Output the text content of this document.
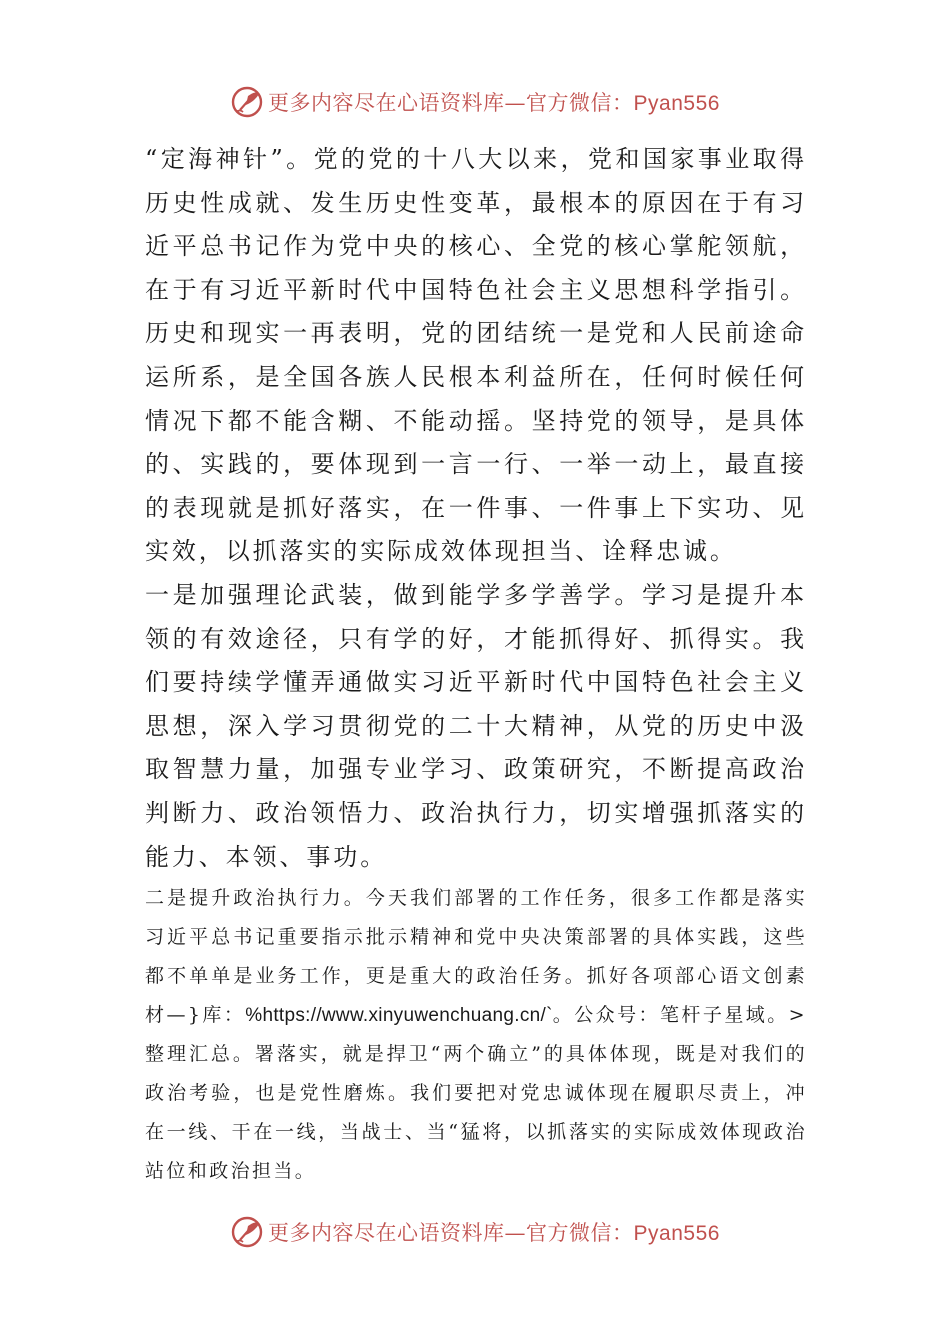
更多内容尽在心语资料库—官方微信：Pyan556

“定海神针”。党的党的十八大以来，党和国家事业取得历史性成就、发生历史性变革，最根本的原因在于有习近平总书记作为党中央的核心、全党的核心掌舵领航，在于有习近平新时代中国特色社会主义思想科学指引。历史和现实一再表明，党的团结统一是党和人民前途命运所系，是全国各族人民根本利益所在，任何时候任何情况下都不能含糊、不能动摇。坚持党的领导，是具体的、实践的，要体现到一言一行、一举一动上，最直接的表现就是抓好落实，在一件事、一件事上下实功、见实效，以抓落实的实际成效体现担当、诠释忠诚。

一是加强理论武装，做到能学多学善学。学习是提升本领的有效途径，只有学的好，才能抓得好、抓得实。我们要持续学懂弄通做实习近平新时代中国特色社会主义思想，深入学习贯彻党的二十大精神，从党的历史中汲取智慧力量，加强专业学习、政策研究，不断提高政治判断力、政治领悟力、政治执行力，切实增强抓落实的能力、本领、事功。

二是提升政治执行力。今天我们部署的工作任务，很多工作都是落实习近平总书记重要指示批示精神和党中央决策部署的具体实践，这些都不单单是业务工作，更是重大的政治任务。抓好各项部心语文创素材—}库：%https://www.xinyuwenchuang.cn/`。公众号：笔杆子星域。>整理汇总。署落实，就是捍卫“两个确立”的具体体现，既是对我们的政治考验，也是党性磨炼。我们要把对党忠诚体现在履职尽责上，冲在一线、干在一线，当战士、当“猛将，以抓落实的实际成效体现政治站位和政治担当。

更多内容尽在心语资料库—官方微信：Pyan556
